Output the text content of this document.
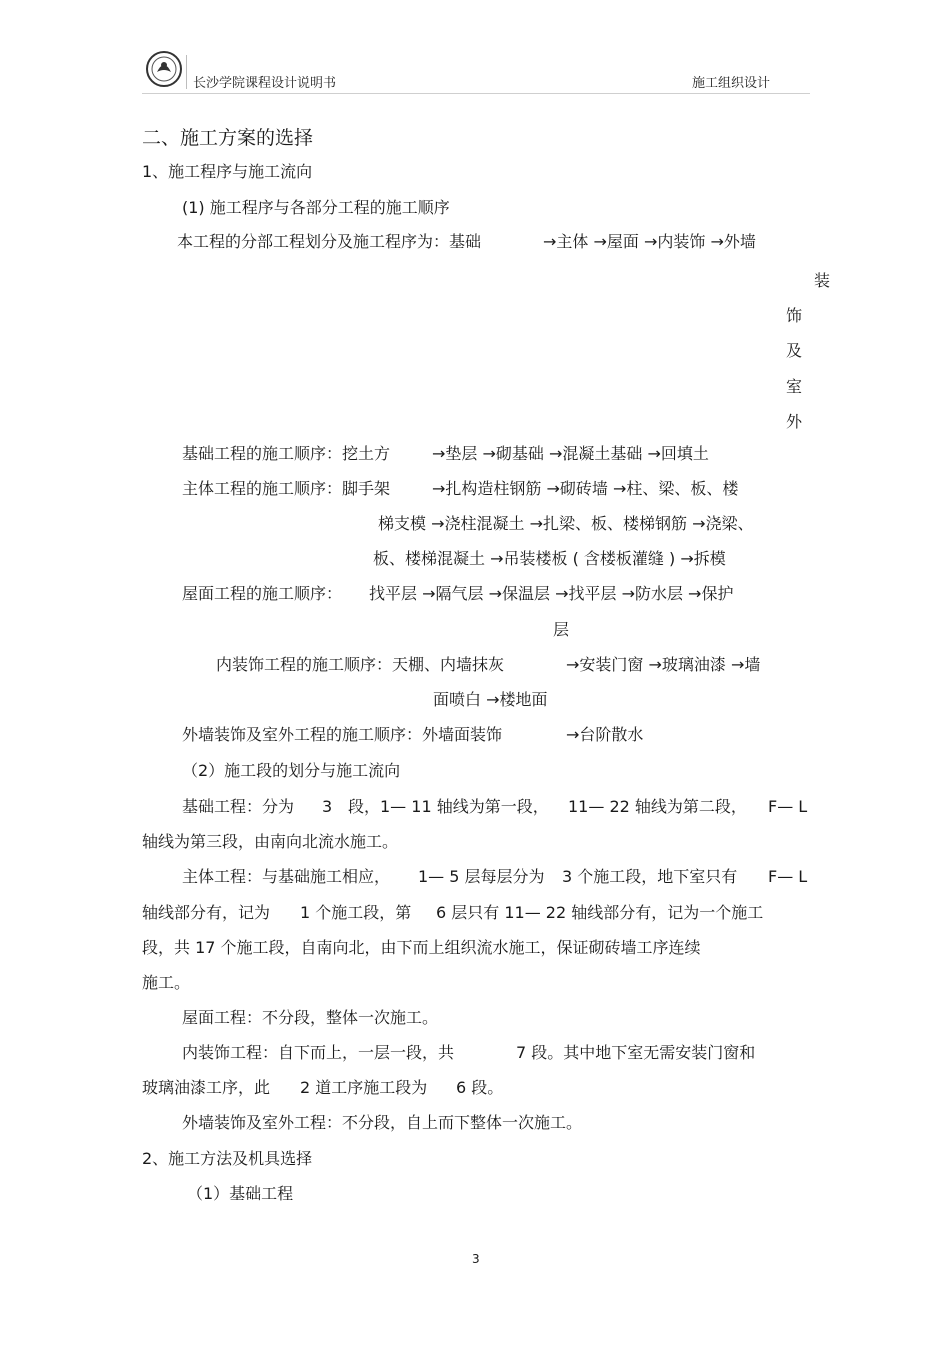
长沙学院课程设计说明书	施工组织设计
二、施工方案的选择
1、施工程序与施工流向
(1) 施工程序与各部分工程的施工顺序
本工程的分部工程划分及施工程序为：基础	→主体 →屋面 →内装饰 →外墙
装
饰
及
室
外
基础工程的施工顺序：挖土方	→垫层 →砌基础 →混凝土基础 →回填土
主体工程的施工顺序：脚手架	→扎构造柱钢筋 →砌砖墙 →柱、梁、板、楼
梯支模 →浇柱混凝土 →扎梁、板、楼梯钢筋 →浇梁、
板、楼梯混凝土 →吊装楼板 ( 含楼板灌缝 ) →拆模
屋面工程的施工顺序： 找平层 →隔气层 →保温层 →找平层 →防水层 →保护
层
内装饰工程的施工顺序：天棚、内墙抹灰	→安装门窗 →玻璃油漆 →墙
面喷白 →楼地面
外墙装饰及室外工程的施工顺序：外墙面装饰	→台阶散水
（2）施工段的划分与施工流向
基础工程：分为 3 段，1— 11 轴线为第一段， 11— 22 轴线为第二段， F— L
轴线为第三段，由南向北流水施工。
主体工程：与基础施工相应， 1— 5 层每层分为 3 个施工段，地下室只有 F— L
轴线部分有，记为 1 个施工段，第 6 层只有 11— 22 轴线部分有，记为一个施工
段，共 17 个施工段，自南向北，由下而上组织流水施工，保证砌砖墙工序连续
施工。
屋面工程：不分段，整体一次施工。
内装饰工程：自下而上，一层一段，共	7 段。其中地下室无需安装门窗和
玻璃油漆工序，此 2 道工序施工段为 6 段。
外墙装饰及室外工程：不分段，自上而下整体一次施工。
2、施工方法及机具选择
（1）基础工程
3
